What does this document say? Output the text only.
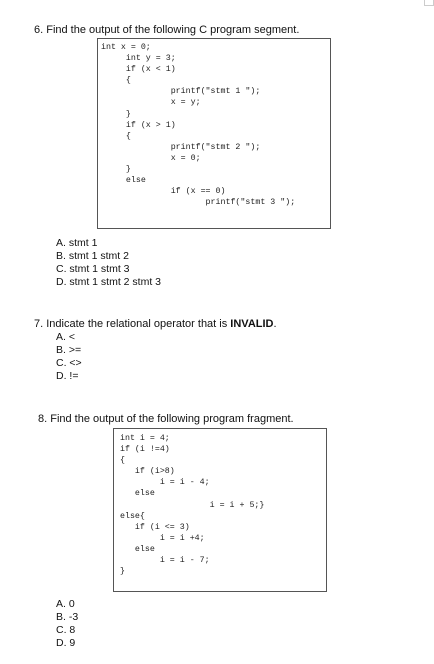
6. Find the output of the following C program segment.
int x = 0;
int y = 3;
if (x < 1)
{
printf("stmt 1 ");
x = y;
}
if (x > 1)
{
printf("stmt 2 ");
x = 0;
}
else
if (x == 0)
printf("stmt 3 ");
A. stmt 1
B. stmt 1 stmt 2
C. stmt 1 stmt 3
D. stmt 1 stmt 2 stmt 3
7. Indicate the relational operator that is INVALID.
A. <
B. >=
C. <>
D. !=
8. Find the output of the following program fragment.
int i = 4;
if (i !=4)
{
if (i>8)
i = i - 4;
else
i = i + 5;}
else{
if (i <= 3)
i = i +4;
else
i = i - 7;
}
A. 0
B. -3
C. 8
D. 9
